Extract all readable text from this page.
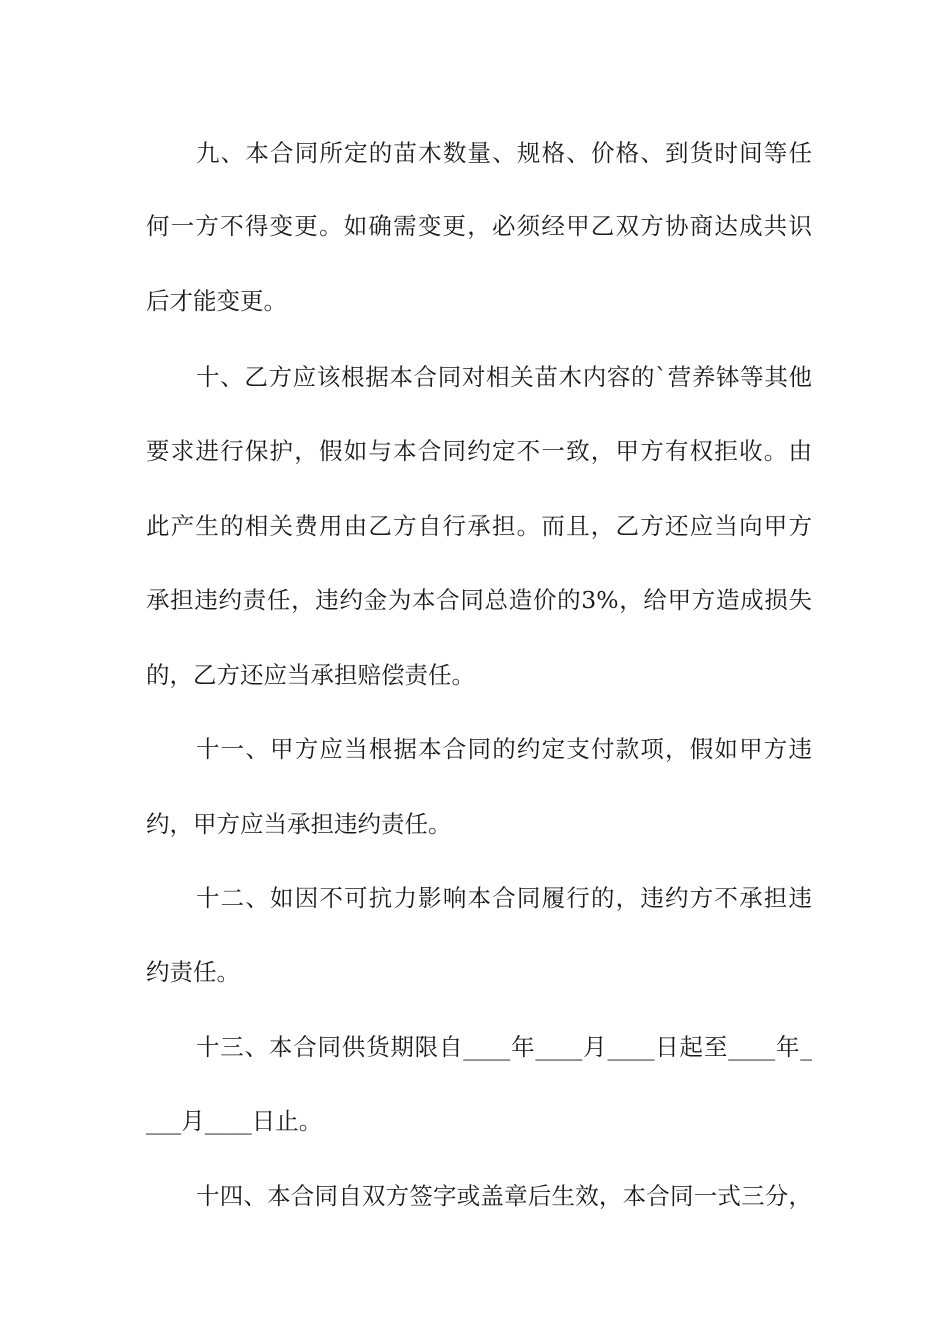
九、本合同所定的苗木数量、规格、价格、到货时间等任
何一方不得变更。如确需变更，必须经甲乙双方协商达成共识
后才能变更。
十、乙方应该根据本合同对相关苗木内容的`营养钵等其他
要求进行保护，假如与本合同约定不一致，甲方有权拒收。由
此产生的相关费用由乙方自行承担。而且，乙方还应当向甲方
承担违约责任，违约金为本合同总造价的3%，给甲方造成损失
的，乙方还应当承担赔偿责任。
十一、甲方应当根据本合同的约定支付款项，假如甲方违
约，甲方应当承担违约责任。
十二、如因不可抗力影响本合同履行的，违约方不承担违
约责任。
十三、本合同供货期限自____年____月____日起至____年_
___月____日止。
十四、本合同自双方签字或盖章后生效，本合同一式三分，
